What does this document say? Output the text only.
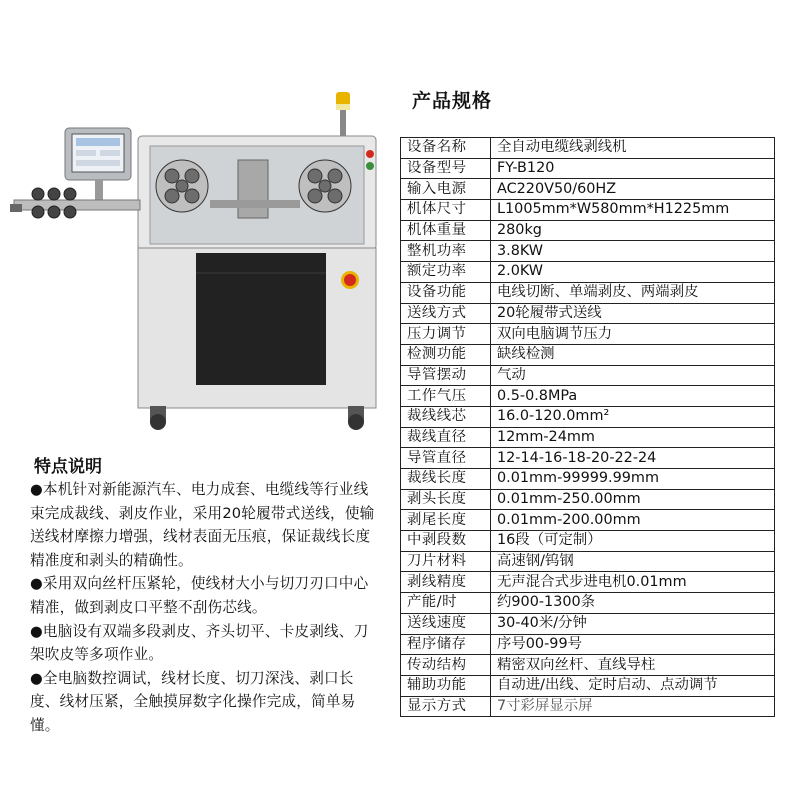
产品规格
设备名称	全自动电缆线剥线机
设备型号	FY-B120
输入电源	AC220V50/60HZ
机体尺寸	L1005mm*W580mm*H1225mm
机体重量	280kg
整机功率	3.8KW
额定功率	2.0KW
设备功能	电线切断、单端剥皮、两端剥皮
送线方式	20轮履带式送线
压力调节	双向电脑调节压力
检测功能	缺线检测
导管摆动	气动
工作气压	0.5-0.8MPa
裁线线芯	16.0-120.0mm²
裁线直径	12mm-24mm
导管直径	12-14-16-18-20-22-24
裁线长度	0.01mm-99999.99mm
剥头长度	0.01mm-250.00mm
剥尾长度	0.01mm-200.00mm
中剥段数	16段（可定制）
刀片材料	高速钢/钨钢
剥线精度	无声混合式步进电机0.01mm
产能/时	约900-1300条
送线速度	30-40米/分钟
程序储存	序号00-99号
传动结构	精密双向丝杆、直线导柱
辅助功能	自动进/出线、定时启动、点动调节
显示方式	7寸彩屏显示屏
特点说明

●本机针对新能源汽车、电力成套、电缆线等行业线束完成裁线、剥皮作业，采用20轮履带式送线，使输送线材摩擦力增强，线材表面无压痕，保证裁线长度精准度和剥头的精确性。

●采用双向丝杆压紧轮，使线材大小与切刀刃口中心精准，做到剥皮口平整不刮伤芯线。

●电脑设有双端多段剥皮、齐头切平、卡皮剥线、刀架吹皮等多项作业。

●全电脑数控调试，线材长度、切刀深浅、剥口长度、线材压紧，全触摸屏数字化操作完成，简单易懂。
